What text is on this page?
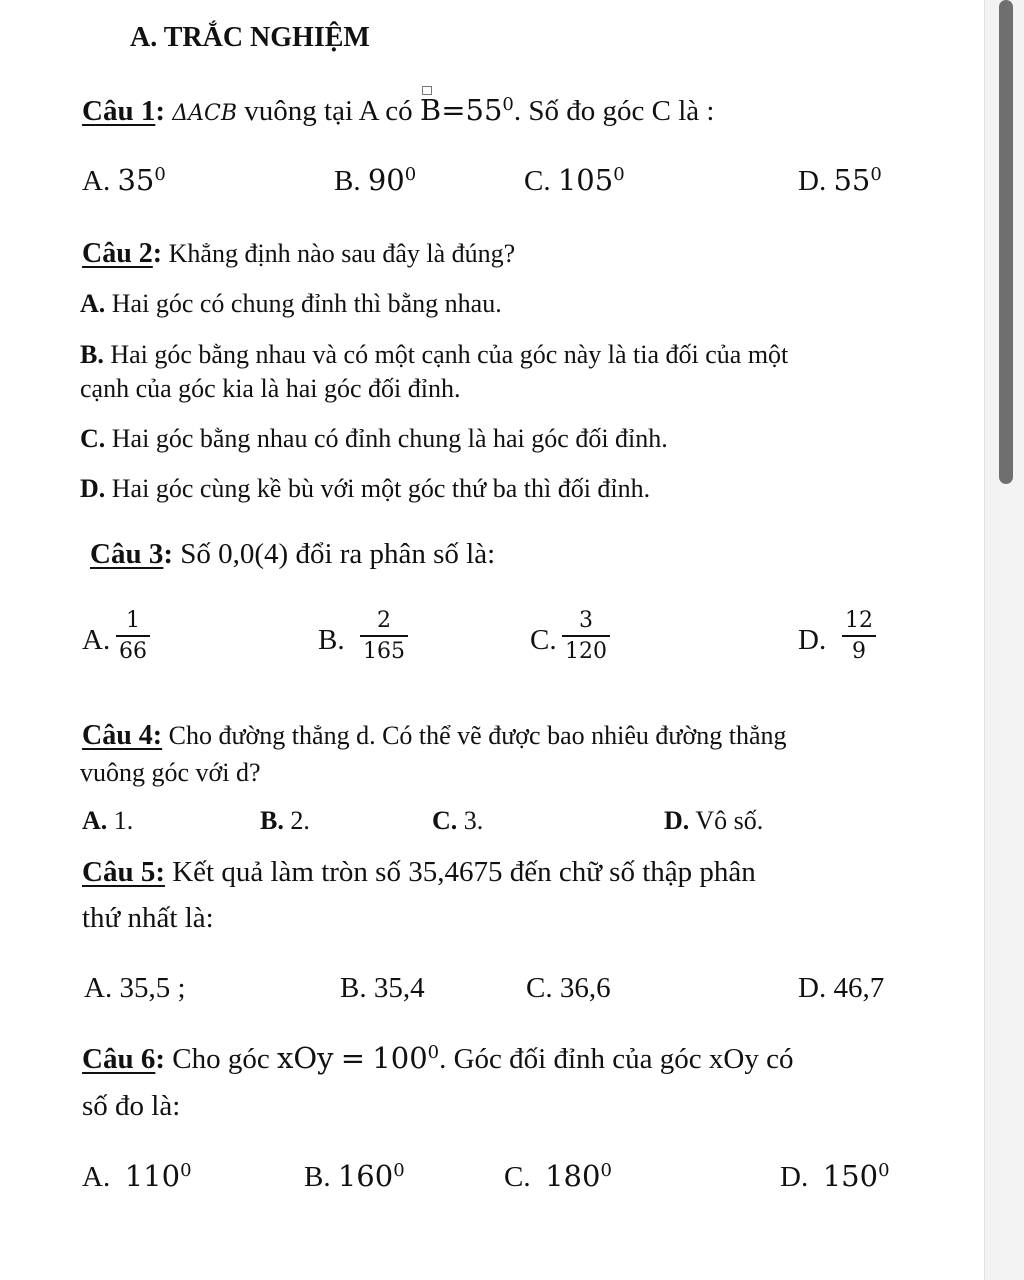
A. TRẮC NGHIỆM
Câu 1: ΔACB vuông tại A có $B=55^0$. Số đo góc C là :
A. $35^0$	B. $90^0$	C. $105^0$	D. $55^0$
Câu 2: Khẳng định nào sau đây là đúng?
A. Hai góc có chung đỉnh thì bằng nhau.
B. Hai góc bằng nhau và có một cạnh của góc này là tia đối của một
cạnh của góc kia là hai góc đối đỉnh.
C. Hai góc bằng nhau có đỉnh chung là hai góc đối đỉnh.
D. Hai góc cùng kề bù với một góc thứ ba thì đối đỉnh.
Câu 3: Số 0,0(4) đổi ra phân số là:
A.
1
66	B.
2
165	C.
3
120	D.
12
9
Câu 4: Cho đường thẳng d. Có thể vẽ được bao nhiêu đường thẳng
vuông góc với d?
A. 1.	B. 2.	C. 3.	D. Vô số.
Câu 5: Kết quả làm tròn số 35,4675 đến chữ số thập phân
thứ nhất là:
A. 35,5 ;	B. 35,4	C. 36,6	D. 46,7
Câu 6: Cho góc xOy = $100^0$. Góc đối đỉnh của góc xOy có
số đo là:
A. $110^0$	B. $160^0$	C. $180^0$	D. $150^0$
